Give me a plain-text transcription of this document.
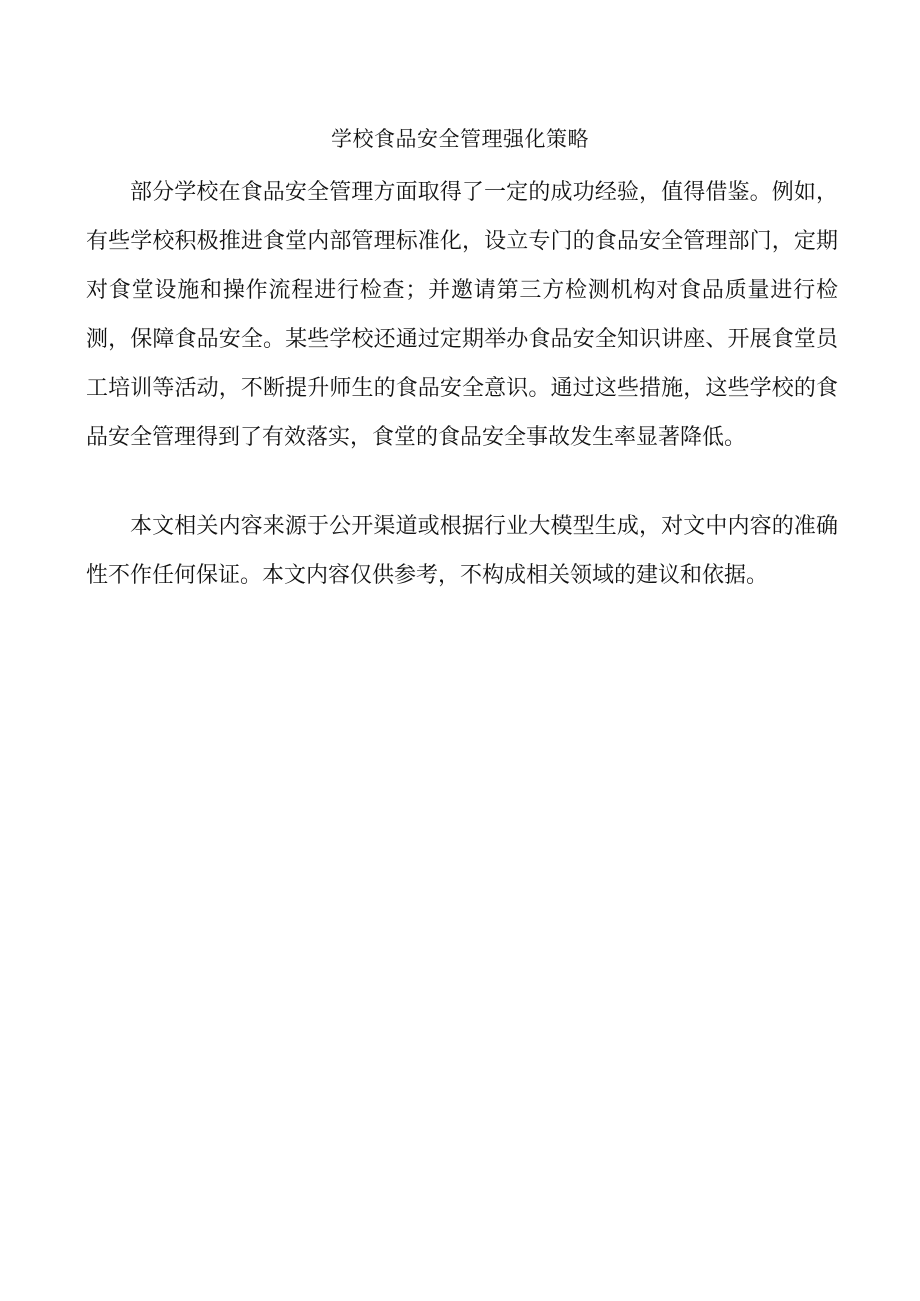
学校食品安全管理强化策略

部分学校在食品安全管理方面取得了一定的成功经验，值得借鉴。例如，有些学校积极推进食堂内部管理标准化，设立专门的食品安全管理部门，定期对食堂设施和操作流程进行检查；并邀请第三方检测机构对食品质量进行检测，保障食品安全。某些学校还通过定期举办食品安全知识讲座、开展食堂员工培训等活动，不断提升师生的食品安全意识。通过这些措施，这些学校的食品安全管理得到了有效落实，食堂的食品安全事故发生率显著降低。

本文相关内容来源于公开渠道或根据行业大模型生成，对文中内容的准确性不作任何保证。本文内容仅供参考，不构成相关领域的建议和依据。
